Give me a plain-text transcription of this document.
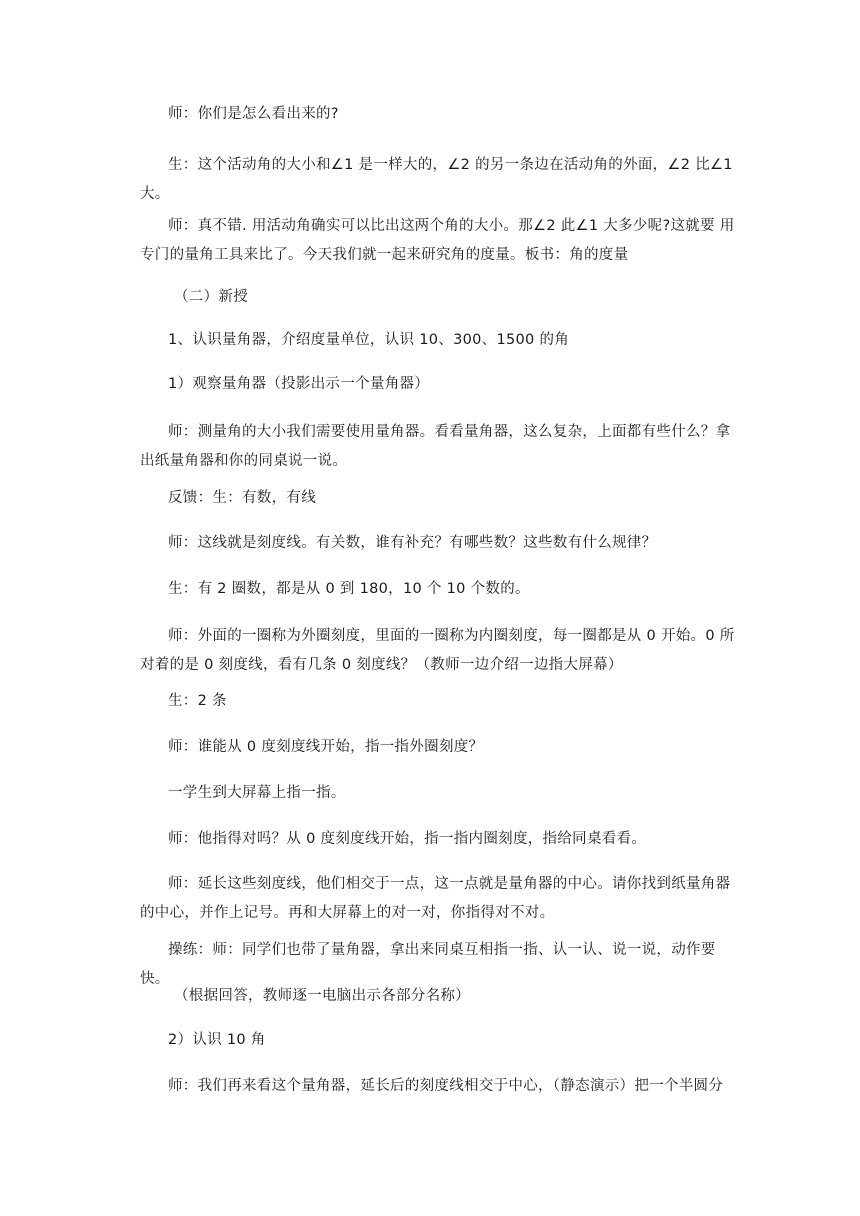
师：你们是怎么看出来的?

生：这个活动角的大小和∠1 是一样大的，∠2 的另一条边在活动角的外面，∠2 比∠1 大。

师：真不错. 用活动角确实可以比出这两个角的大小。那∠2 此∠1 大多少呢?这就要 用专门的量角工具来比了。今天我们就一起来研究角的度量。板书：角的度量

（二）新授

1、认识量角器，介绍度量单位，认识 10、300、1500 的角

1）观察量角器（投影出示一个量角器）

师：测量角的大小我们需要使用量角器。看看量角器，这么复杂，上面都有些什么？拿出纸量角器和你的同桌说一说。

反馈：生：有数，有线

师：这线就是刻度线。有关数，谁有补充？有哪些数？这些数有什么规律？

生：有 2 圈数，都是从 0 到 180，10 个 10 个数的。

师：外面的一圈称为外圈刻度，里面的一圈称为内圈刻度，每一圈都是从 0 开始。0 所对着的是 0 刻度线，看有几条 0 刻度线？（教师一边介绍一边指大屏幕）

生：2 条

师：谁能从 0 度刻度线开始，指一指外圈刻度？

一学生到大屏幕上指一指。

师：他指得对吗？从 0 度刻度线开始，指一指内圈刻度，指给同桌看看。

师：延长这些刻度线，他们相交于一点，这一点就是量角器的中心。请你找到纸量角器的中心，并作上记号。再和大屏幕上的对一对，你指得对不对。

操练：师：同学们也带了量角器，拿出来同桌互相指一指、认一认、说一说，动作要快。

（根据回答，教师逐一电脑出示各部分名称）

2）认识 10 角

师：我们再来看这个量角器，延长后的刻度线相交于中心，（静态演示）把一个半圆分
